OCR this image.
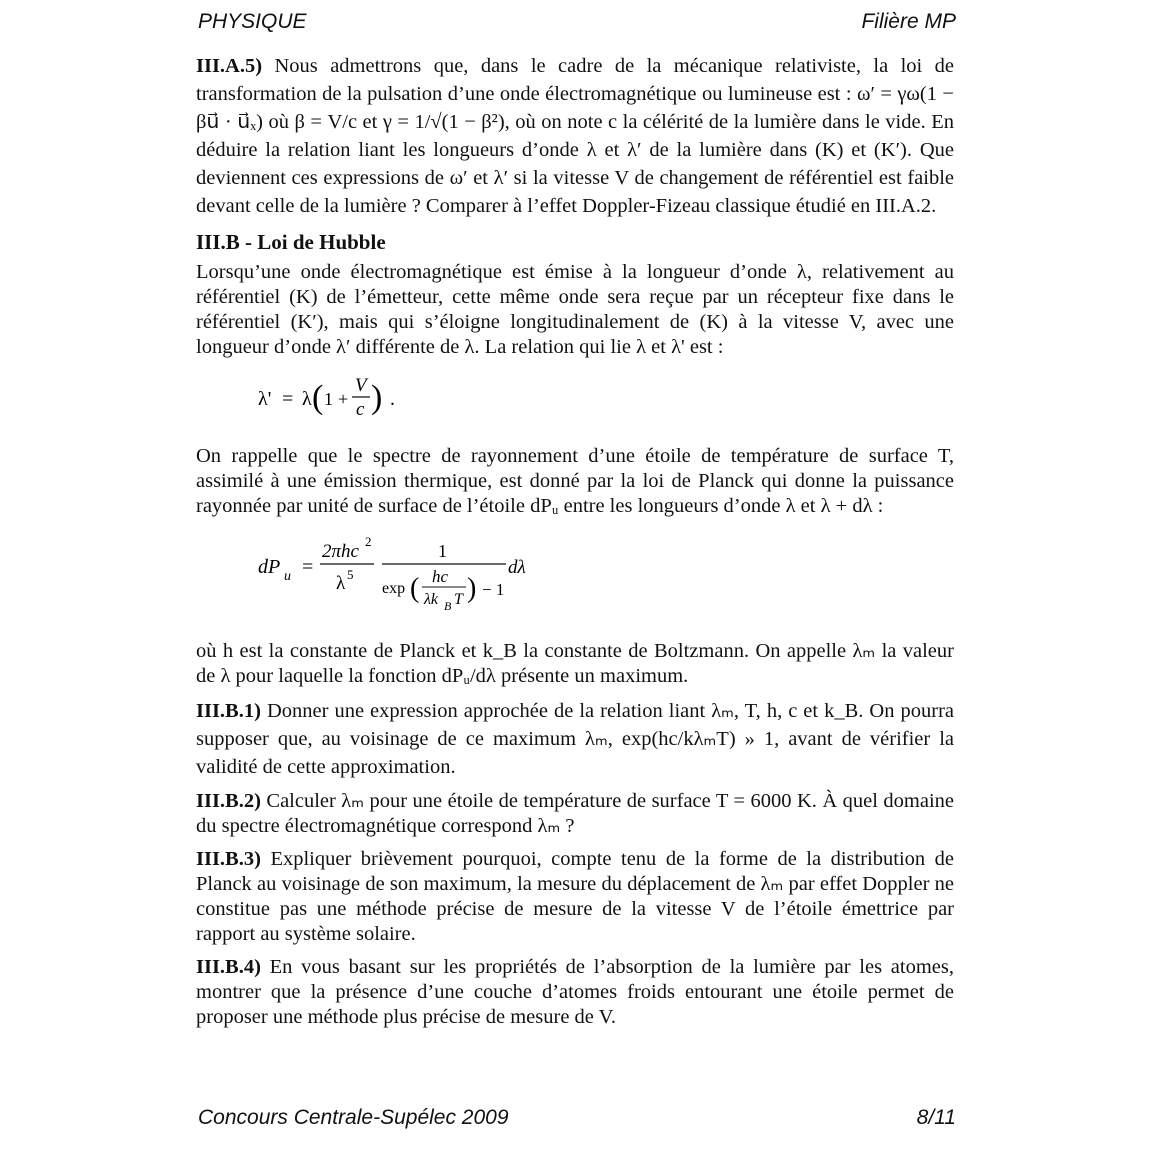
PHYSIQUE	Filière MP

III.A.5) Nous admettrons que, dans le cadre de la mécanique relativiste, la loi de transformation de la pulsation d’une onde électromagnétique ou lumineuse est : ω′ = γω(1 − βu⃗ · u⃗ₓ) où β = V/c et γ = 1/√(1 − β²), où on note c la célérité de la lumière dans le vide. En déduire la relation liant les longueurs d’onde λ et λ′ de la lumière dans (K) et (K′). Que deviennent ces expressions de ω′ et λ′ si la vitesse V de changement de référentiel est faible devant celle de la lumière ? Comparer à l’effet Doppler-Fizeau classique étudié en III.A.2.

III.B - Loi de Hubble

Lorsqu’une onde électromagnétique est émise à la longueur d’onde λ, relativement au référentiel (K) de l’émetteur, cette même onde sera reçue par un récepteur fixe dans le référentiel (K′), mais qui s’éloigne longitudinalement de (K) à la vitesse V, avec une longueur d’onde λ′ différente de λ. La relation qui lie λ et λ' est :

λ' = λ ( 1 +
V
c ) .

On rappelle que le spectre de rayonnement d’une étoile de température de surface T, assimilé à une émission thermique, est donné par la loi de Planck qui donne la puissance rayonnée par unité de surface de l’étoile dPᵤ entre les longueurs d’onde λ et λ + dλ :

dP u =
2πhc 2
λ 5
1
exp ( hc
λk B T ) − 1
dλ

où h est la constante de Planck et k_B la constante de Boltzmann. On appelle λₘ la valeur de λ pour laquelle la fonction dPᵤ/dλ présente un maximum.

III.B.1) Donner une expression approchée de la relation liant λₘ, T, h, c et k_B. On pourra supposer que, au voisinage de ce maximum λₘ, exp(hc/kλₘT) » 1, avant de vérifier la validité de cette approximation.

III.B.2) Calculer λₘ pour une étoile de température de surface T = 6000 K. À quel domaine du spectre électromagnétique correspond λₘ ?

III.B.3) Expliquer brièvement pourquoi, compte tenu de la forme de la distribution de Planck au voisinage de son maximum, la mesure du déplacement de λₘ par effet Doppler ne constitue pas une méthode précise de mesure de la vitesse V de l’étoile émettrice par rapport au système solaire.

III.B.4) En vous basant sur les propriétés de l’absorption de la lumière par les atomes, montrer que la présence d’une couche d’atomes froids entourant une étoile permet de proposer une méthode plus précise de mesure de V.

Concours Centrale-Supélec 2009	8/11
